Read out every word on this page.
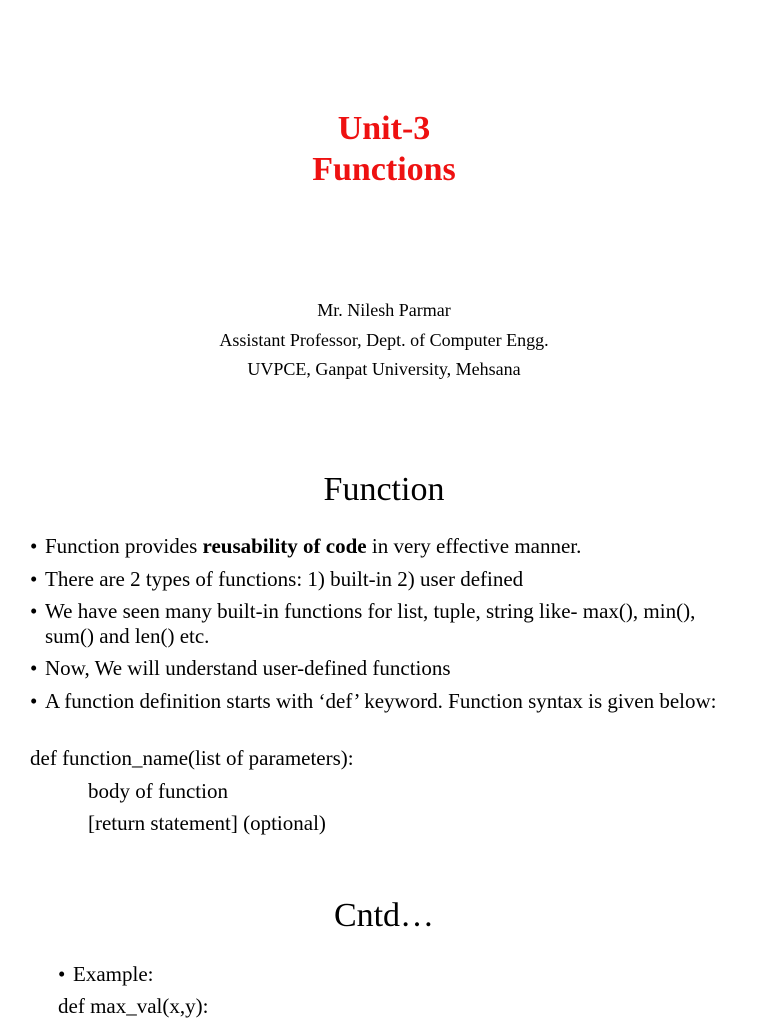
Unit-3
Functions
Mr. Nilesh Parmar
Assistant Professor, Dept. of Computer Engg.
UVPCE, Ganpat University, Mehsana
Function
• Function provides reusability of code in very effective manner.
• There are 2 types of functions: 1) built-in 2) user defined
• We have seen many built-in functions for list, tuple, string like- max(), min(), sum() and len() etc.
• Now, We will understand user-defined functions
• A function definition starts with ‘def’ keyword. Function syntax is given below:
def function_name(list of parameters):
body of function
[return statement] (optional)
Cntd…
• Example:
def max_val(x,y):
